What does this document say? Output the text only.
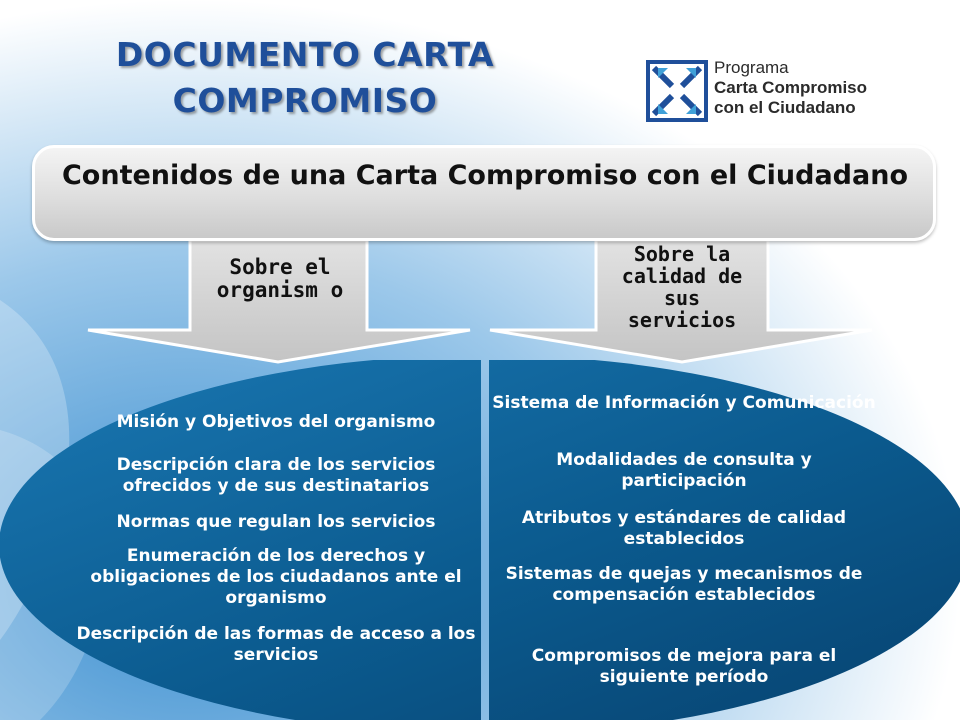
DOCUMENTO CARTA
COMPROMISO
Programa
Carta Compromiso
con el Ciudadano
Contenidos de una Carta Compromiso con el Ciudadano
Sobre el organism o
Sobre la calidad de sus servicios
Misión y Objetivos del organismo
Descripción clara de los servicios ofrecidos y de sus destinatarios
Normas que regulan los servicios
Enumeración de los derechos y obligaciones de los ciudadanos ante el organismo
Descripción de las formas de acceso a los servicios
Sistema de Información y Comunicación
Modalidades de consulta y participación
Atributos y estándares de calidad establecidos
Sistemas de quejas y mecanismos de compensación establecidos
Compromisos de mejora para el siguiente período
